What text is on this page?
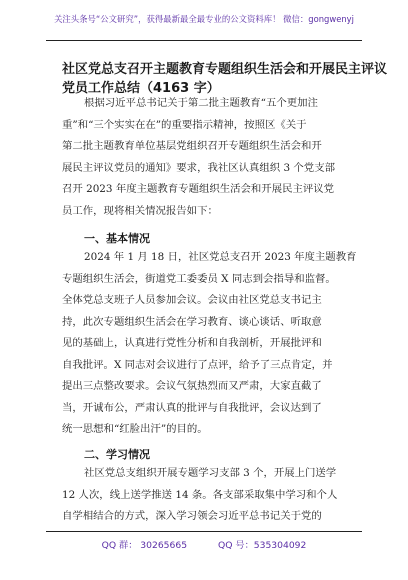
关注头条号“公文研究”，获得最新最全最专业的公文资料库！ 微信：gongwenyj
社区党总支召开主题教育专题组织生活会和开展民主评议
党员工作总结（4163 字）
根据习近平总书记关于第二批主题教育“五个更加注
重”和“三个实实在在”的重要指示精神，按照区《关于
第二批主题教育单位基层党组织召开专题组织生活会和开
展民主评议党员的通知》要求，我社区认真组织 3 个党支部
召开 2023 年度主题教育专题组织生活会和开展民主评议党
员工作，现将相关情况报告如下：
一、基本情况
2024 年 1 月 18 日，社区党总支召开 2023 年度主题教育
专题组织生活会，街道党工委委员 X 同志到会指导和监督。
全体党总支班子人员参加会议。会议由社区党总支书记主
持，此次专题组织生活会在学习教育、谈心谈话、听取意
见的基础上，认真进行党性分析和自我剖析，开展批评和
自我批评。X 同志对会议进行了点评，给予了三点肯定，并
提出三点整改要求。会议气氛热烈而又严肃，大家直截了
当，开诚布公，严肃认真的批评与自我批评，会议达到了
统一思想和“红脸出汗”的目的。
二、学习情况
社区党总支组织开展专题学习支部 3 个，开展上门送学
12 人次，线上送学推送 14 条。各支部采取集中学习和个人
自学相结合的方式，深入学习领会习近平总书记关于党的
QQ 群： 30265665	QQ 号：535304092
